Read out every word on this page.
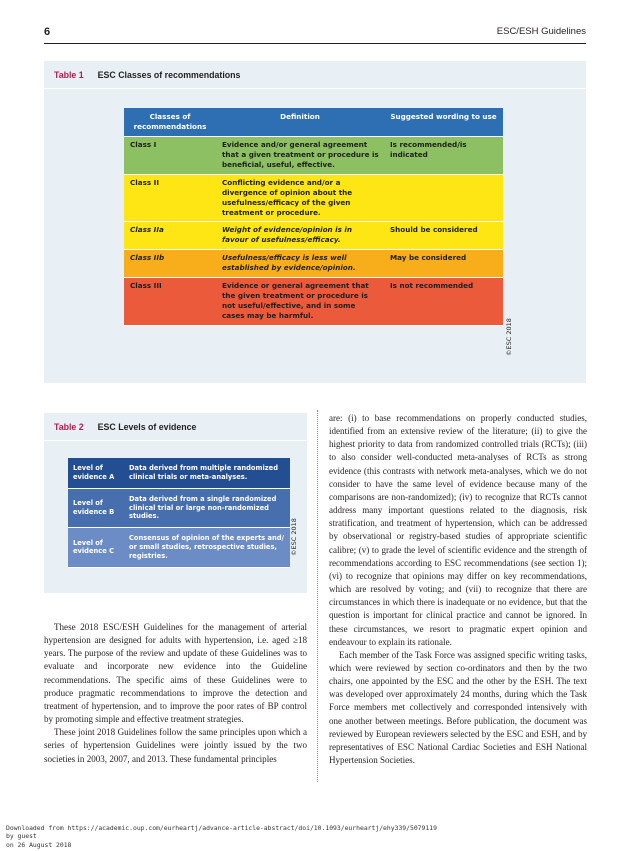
6	ESC/ESH Guidelines
Table 1 ESC Classes of recommendations
Classes of recommendations	Definition	Suggested wording to use
Class I	Evidence and/or general agreement that a given treatment or procedure is beneficial, useful, effective.	Is recommended/is indicated
Class II	Conflicting evidence and/or a divergence of opinion about the usefulness/efficacy of the given treatment or procedure.	
Class IIa	Weight of evidence/opinion is in favour of usefulness/efficacy.	Should be considered
Class IIb	Usefulness/efficacy is less well established by evidence/opinion.	May be considered
Class III	Evidence or general agreement that the given treatment or procedure is not useful/effective, and in some cases may be harmful.	Is not recommended
©ESC 2018
Table 2 ESC Levels of evidence
Level of evidence A	Data derived from multiple randomized clinical trials or meta-analyses.
Level of evidence B	Data derived from a single randomized clinical trial or large non-randomized studies.
Level of evidence C	Consensus of opinion of the experts and/ or small studies, retrospective studies, registries.	©ESC 2018

These 2018 ESC/ESH Guidelines for the management of arterial hypertension are designed for adults with hypertension, i.e. aged ≥18 years. The purpose of the review and update of these Guidelines was to evaluate and incorporate new evidence into the Guideline recommendations. The specific aims of these Guidelines were to produce pragmatic recommendations to improve the detection and treatment of hypertension, and to improve the poor rates of BP control by promoting simple and effective treatment strategies.

These joint 2018 Guidelines follow the same principles upon which a series of hypertension Guidelines were jointly issued by the two societies in 2003, 2007, and 2013. These fundamental principles

are: (i) to base recommendations on properly conducted studies, identified from an extensive review of the literature; (ii) to give the highest priority to data from randomized controlled trials (RCTs); (iii) to also consider well-conducted meta-analyses of RCTs as strong evidence (this contrasts with network meta-analyses, which we do not consider to have the same level of evidence because many of the comparisons are non-randomized); (iv) to recognize that RCTs cannot address many important questions related to the diagnosis, risk stratification, and treatment of hypertension, which can be addressed by observational or registry-based studies of appropriate scientific calibre; (v) to grade the level of scientific evidence and the strength of recommendations according to ESC recommendations (see section 1); (vi) to recognize that opinions may differ on key recommendations, which are resolved by voting; and (vii) to recognize that there are circumstances in which there is inadequate or no evidence, but that the question is important for clinical practice and cannot be ignored. In these circumstances, we resort to pragmatic expert opinion and endeavour to explain its rationale.

Each member of the Task Force was assigned specific writing tasks, which were reviewed by section co-ordinators and then by the two chairs, one appointed by the ESC and the other by the ESH. The text was developed over approximately 24 months, during which the Task Force members met collectively and corresponded intensively with one another between meetings. Before publication, the document was reviewed by European reviewers selected by the ESC and ESH, and by representatives of ESC National Cardiac Societies and ESH National Hypertension Societies.

Downloaded from https://academic.oup.com/eurheartj/advance-article-abstract/doi/10.1093/eurheartj/ehy339/5079119
by guest
on 26 August 2018
